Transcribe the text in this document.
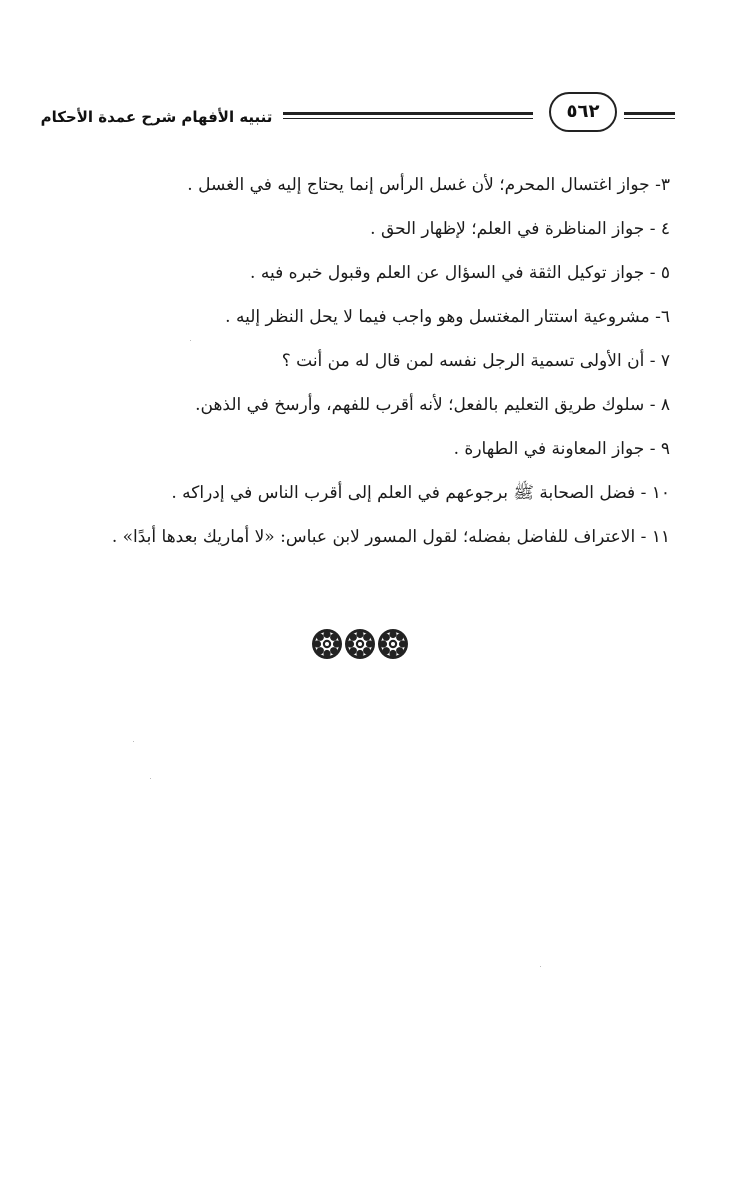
تنبيه الأفهام شرح عمدة الأحكام	٥٦٢
٣- جواز اغتسال المحرم؛ لأن غسل الرأس إنما يحتاج إليه في الغسل .
٤ - جواز المناظرة في العلم؛ لإظهار الحق .
٥ - جواز توكيل الثقة في السؤال عن العلم وقبول خبره فيه .
٦- مشروعية استتار المغتسل وهو واجب فيما لا يحل النظر إليه .
٧ - أن الأولى تسمية الرجل نفسه لمن قال له من أنت ؟
٨ - سلوك طريق التعليم بالفعل؛ لأنه أقرب للفهم، وأرسخ في الذهن.
٩ - جواز المعاونة في الطهارة .
١٠ - فضل الصحابة ﷺ برجوعهم في العلم إلى أقرب الناس في إدراكه .
١١ - الاعتراف للفاضل بفضله؛ لقول المسور لابن عباس: «لا أماريك بعدها أبدًا» .
